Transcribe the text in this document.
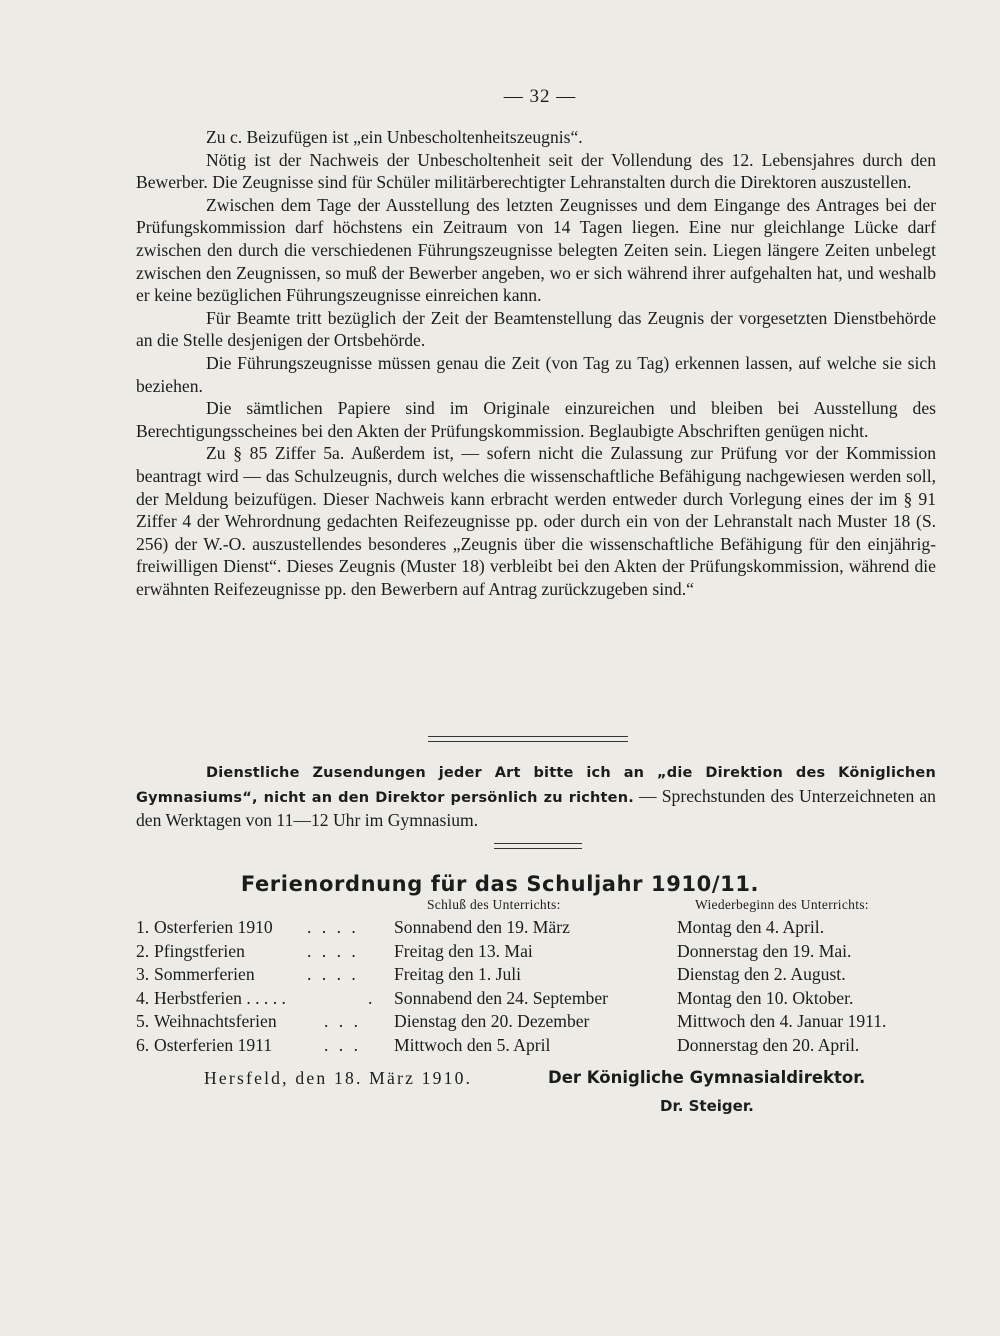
— 32 —

Zu c. Beizufügen ist „ein Unbescholtenheitszeugnis“.

Nötig ist der Nachweis der Unbescholtenheit seit der Vollendung des 12. Lebensjahres durch den Bewerber. Die Zeugnisse sind für Schüler militärberechtigter Lehranstalten durch die Direktoren auszustellen.

Zwischen dem Tage der Ausstellung des letzten Zeugnisses und dem Eingange des Antrages bei der Prüfungskommission darf höchstens ein Zeitraum von 14 Tagen liegen. Eine nur gleichlange Lücke darf zwischen den durch die verschiedenen Führungszeugnisse belegten Zeiten sein. Liegen längere Zeiten unbelegt zwischen den Zeugnissen, so muß der Bewerber angeben, wo er sich während ihrer aufgehalten hat, und weshalb er keine bezüglichen Führungszeugnisse einreichen kann.

Für Beamte tritt bezüglich der Zeit der Beamtenstellung das Zeugnis der vorgesetzten Dienstbehörde an die Stelle desjenigen der Ortsbehörde.

Die Führungszeugnisse müssen genau die Zeit (von Tag zu Tag) erkennen lassen, auf welche sie sich beziehen.

Die sämtlichen Papiere sind im Originale einzureichen und bleiben bei Ausstellung des Berechtigungsscheines bei den Akten der Prüfungskommission. Beglaubigte Abschriften genügen nicht.

Zu § 85 Ziffer 5a. Außerdem ist, — sofern nicht die Zulassung zur Prüfung vor der Kommission beantragt wird — das Schulzeugnis, durch welches die wissenschaftliche Befähigung nachgewiesen werden soll, der Meldung beizufügen. Dieser Nachweis kann erbracht werden entweder durch Vorlegung eines der im § 91 Ziffer 4 der Wehrordnung gedachten Reifezeugnisse pp. oder durch ein von der Lehranstalt nach Muster 18 (S. 256) der W.-O. auszustellendes besonderes „Zeugnis über die wissenschaftliche Befähigung für den einjährig-freiwilligen Dienst“. Dieses Zeugnis (Muster 18) verbleibt bei den Akten der Prüfungskommission, während die erwähnten Reifezeugnisse pp. den Bewerbern auf Antrag zurückzugeben sind.“

Dienstliche Zusendungen jeder Art bitte ich an „die Direktion des Königlichen Gymnasiums“, nicht an den Direktor persönlich zu richten. — Sprechstunden des Unterzeichneten an den Werktagen von 11—12 Uhr im Gymnasium.

Ferienordnung für das Schuljahr 1910/11.
Schluß des Unterrichts:	Wiederbeginn des Unterrichts:
1. Osterferien 1910 . . . . Sonnabend den 19. März	Montag den 4. April.
2. Pfingstferien	. . . . Freitag den 13. Mai	Donnerstag den 19. Mai.
3. Sommerferien	. . . . Freitag den 1. Juli	Dienstag den 2. August.
4. Herbstferien . . . . .	. Sonnabend den 24. September	Montag den 10. Oktober.
5. Weihnachtsferien	. . . Dienstag den 20. Dezember	Mittwoch den 4. Januar 1911.
6. Osterferien 1911	. . . Mittwoch den 5. April	Donnerstag den 20. April.
Hersfeld, den 18. März 1910.	Der Königliche Gymnasialdirektor.
Dr. Steiger.
